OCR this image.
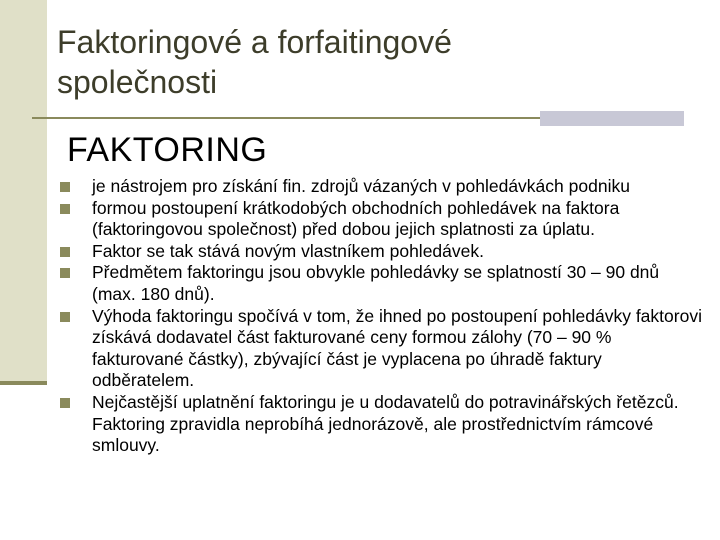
Faktoringové a forfaitingové
společnosti
FAKTORING
je nástrojem pro získání fin. zdrojů vázaných v pohledávkách podniku
formou postoupení krátkodobých obchodních pohledávek na faktora (faktoringovou společnost) před dobou jejich splatnosti za úplatu.
Faktor se tak stává novým vlastníkem pohledávek.
Předmětem faktoringu jsou obvykle pohledávky se splatností 30 – 90 dnů (max. 180 dnů).
Výhoda faktoringu spočívá v tom, že ihned po postoupení pohledávky faktorovi získává dodavatel část fakturované ceny formou zálohy (70 – 90 % fakturované částky), zbývající část je vyplacena po úhradě faktury odběratelem.
Nejčastější uplatnění faktoringu je u dodavatelů do potravinářských řetězců. Faktoring zpravidla neprobíhá jednorázově, ale prostřednictvím rámcové smlouvy.
